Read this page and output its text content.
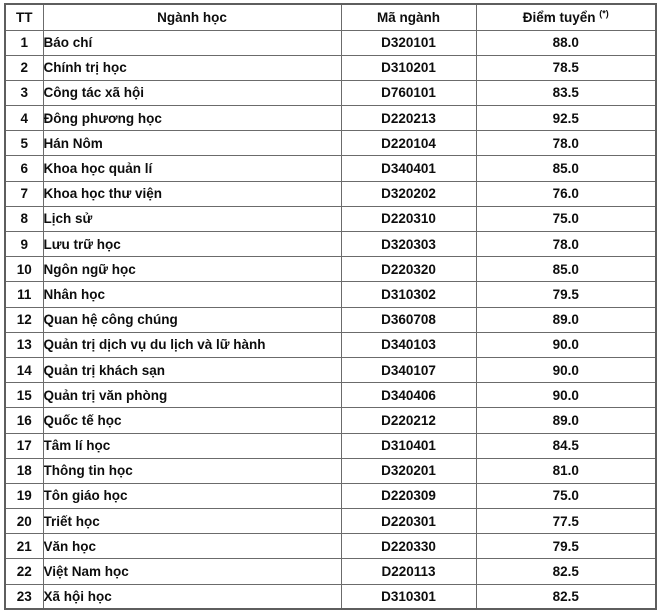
TT	Ngành học	Mã ngành	Điểm tuyển (*)
1	Báo chí	D320101	88.0
2	Chính trị học	D310201	78.5
3	Công tác xã hội	D760101	83.5
4	Đông phương học	D220213	92.5
5	Hán Nôm	D220104	78.0
6	Khoa học quản lí	D340401	85.0
7	Khoa học thư viện	D320202	76.0
8	Lịch sử	D220310	75.0
9	Lưu trữ học	D320303	78.0
10	Ngôn ngữ học	D220320	85.0
11	Nhân học	D310302	79.5
12	Quan hệ công chúng	D360708	89.0
13	Quản trị dịch vụ du lịch và lữ hành	D340103	90.0
14	Quản trị khách sạn	D340107	90.0
15	Quản trị văn phòng	D340406	90.0
16	Quốc tế học	D220212	89.0
17	Tâm lí học	D310401	84.5
18	Thông tin học	D320201	81.0
19	Tôn giáo học	D220309	75.0
20	Triết học	D220301	77.5
21	Văn học	D220330	79.5
22	Việt Nam học	D220113	82.5
23	Xã hội học	D310301	82.5
